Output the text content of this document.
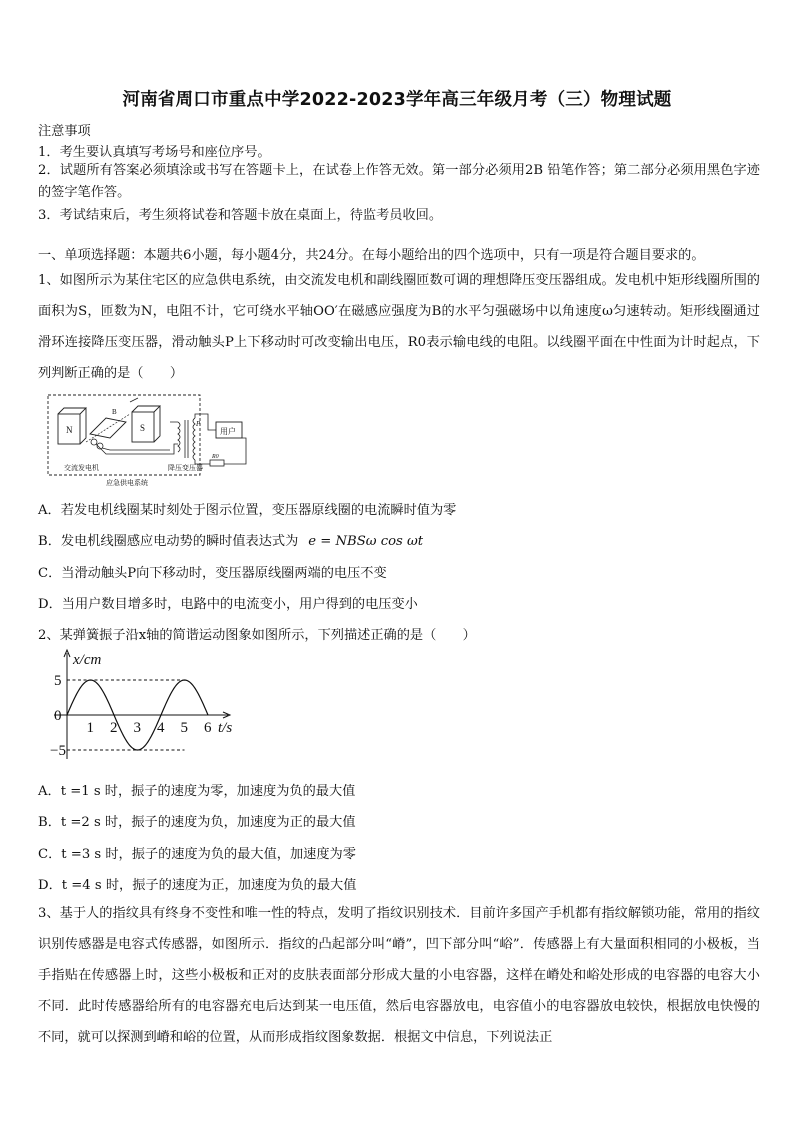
河南省周口市重点中学2022-2023学年高三年级月考（三）物理试题
注意事项
1．考生要认真填写考场号和座位序号。
2．试题所有答案必须填涂或书写在答题卡上，在试卷上作答无效。第一部分必须用2B 铅笔作答；第二部分必须用黑色字迹的签字笔作答。
3．考试结束后，考生须将试卷和答题卡放在桌面上，待监考员收回。
一、单项选择题：本题共6小题，每小题4分，共24分。在每小题给出的四个选项中，只有一项是符合题目要求的。
1、如图所示为某住宅区的应急供电系统，由交流发电机和副线圈匝数可调的理想降压变压器组成。发电机中矩形线圈所围的面积为S，匝数为N，电阻不计，它可绕水平轴OO′在磁感应强度为B的水平匀强磁场中以角速度ω匀速转动。矩形线圈通过滑环连接降压变压器，滑动触头P上下移动时可改变输出电压，R0表示输电线的电阻。以线圈平面在中性面为计时起点，下列判断正确的是（　　）
N	S
B
P
用户
R0
交流发电机	降压变压器
应急供电系统
A．若发电机线圈某时刻处于图示位置，变压器原线圈的电流瞬时值为零
B．发电机线圈感应电动势的瞬时值表达式为 e = NBSω cos ωt
C．当滑动触头P向下移动时，变压器原线圈两端的电压不变
D．当用户数目增多时，电路中的电流变小，用户得到的电压变小
2、某弹簧振子沿x轴的简谐运动图象如图所示，下列描述正确的是（　　）
x/cm
t/s
1 2 3 4 5 6
5
0
−5
A．t =1 s 时，振子的速度为零，加速度为负的最大值
B．t =2 s 时，振子的速度为负，加速度为正的最大值
C．t =3 s 时，振子的速度为负的最大值，加速度为零
D．t =4 s 时，振子的速度为正，加速度为负的最大值
3、基于人的指纹具有终身不变性和唯一性的特点，发明了指纹识别技术．目前许多国产手机都有指纹解锁功能，常用的指纹识别传感器是电容式传感器，如图所示．指纹的凸起部分叫“嵴”，凹下部分叫“峪”．传感器上有大量面积相同的小极板，当手指贴在传感器上时，这些小极板和正对的皮肤表面部分形成大量的小电容器，这样在嵴处和峪处形成的电容器的电容大小不同．此时传感器给所有的电容器充电后达到某一电压值，然后电容器放电，电容值小的电容器放电较快，根据放电快慢的不同，就可以探测到嵴和峪的位置，从而形成指纹图象数据．根据文中信息，下列说法正
